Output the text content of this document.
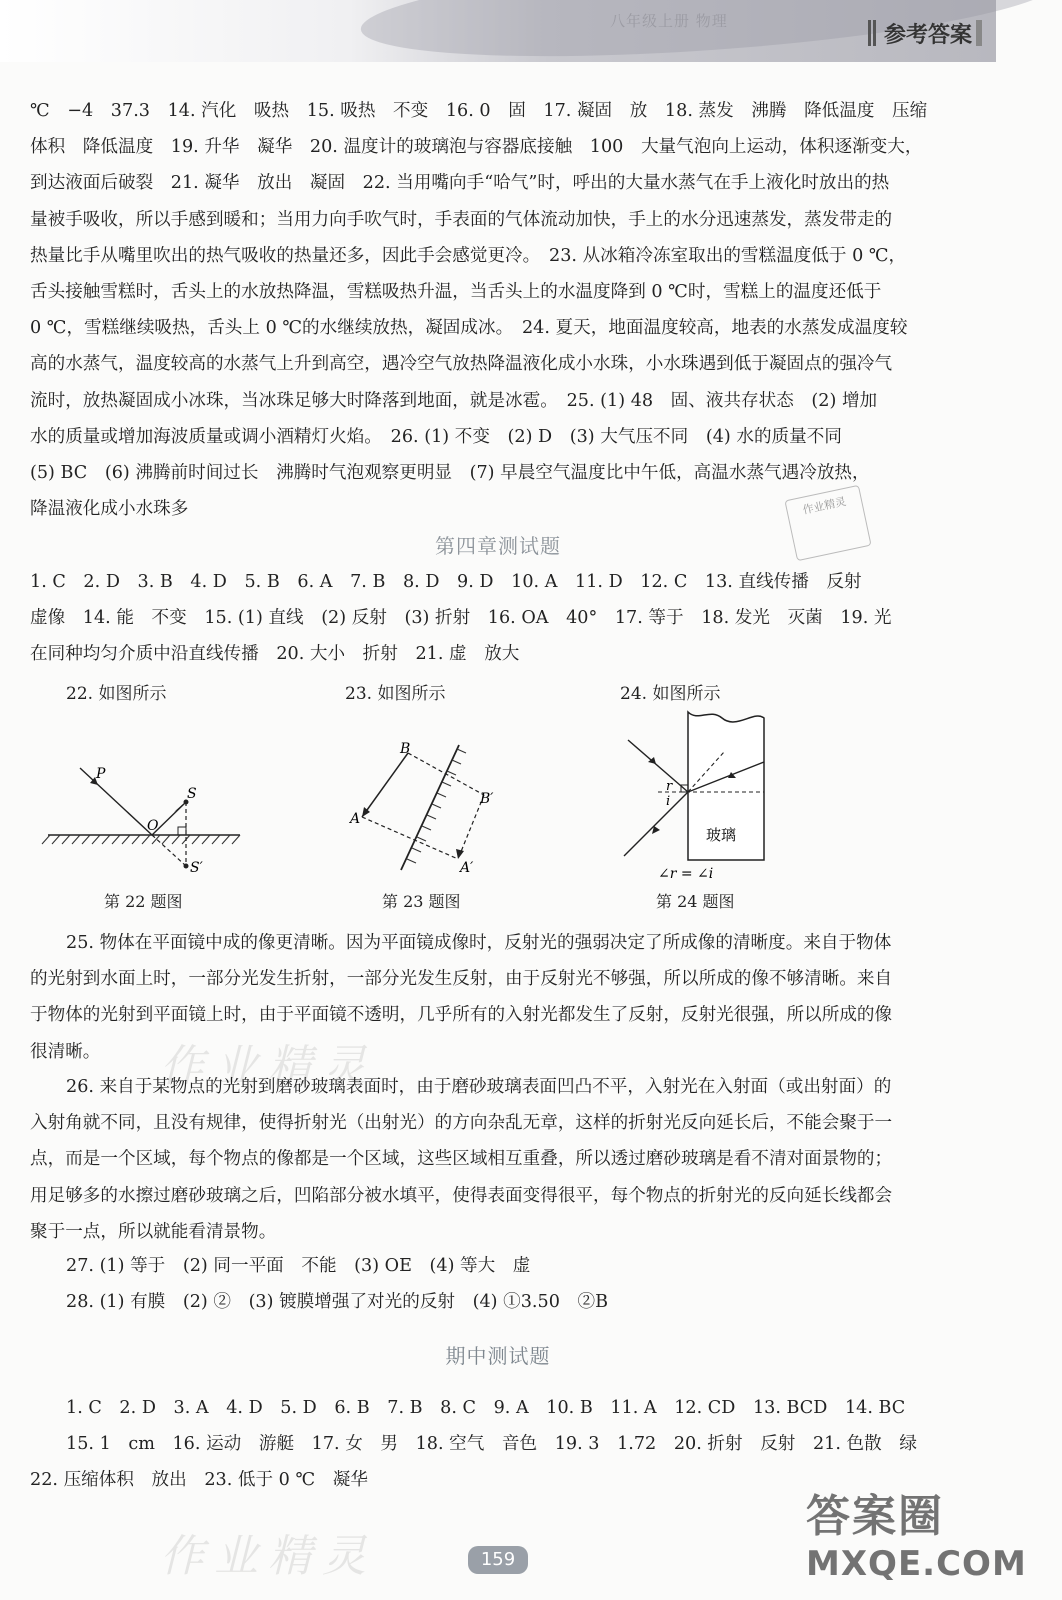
八年级上册 物理
参考答案
℃　−4　37.3　14. 汽化　吸热　15. 吸热　不变　16. 0　固　17. 凝固　放　18. 蒸发　沸腾　降低温度　压缩
体积　降低温度　19. 升华　凝华　20. 温度计的玻璃泡与容器底接触　100　大量气泡向上运动，体积逐渐变大，
到达液面后破裂　21. 凝华　放出　凝固　22. 当用嘴向手“哈气”时，呼出的大量水蒸气在手上液化时放出的热
量被手吸收，所以手感到暖和；当用力向手吹气时，手表面的气体流动加快，手上的水分迅速蒸发，蒸发带走的
热量比手从嘴里吹出的热气吸收的热量还多，因此手会感觉更冷。　23. 从冰箱冷冻室取出的雪糕温度低于 0 ℃，
舌头接触雪糕时，舌头上的水放热降温，雪糕吸热升温，当舌头上的水温度降到 0 ℃时，雪糕上的温度还低于
0 ℃，雪糕继续吸热，舌头上 0 ℃的水继续放热，凝固成冰。　24. 夏天，地面温度较高，地表的水蒸发成温度较
高的水蒸气，温度较高的水蒸气上升到高空，遇冷空气放热降温液化成小水珠，小水珠遇到低于凝固点的强冷气
流时，放热凝固成小冰珠，当冰珠足够大时降落到地面，就是冰雹。　25. (1) 48　固、液共存状态　(2) 增加
水的质量或增加海波质量或调小酒精灯火焰。　26. (1) 不变　(2) D　(3) 大气压不同　(4) 水的质量不同
(5) BC　(6) 沸腾前时间过长　沸腾时气泡观察更明显　(7) 早晨空气温度比中午低，高温水蒸气遇冷放热，
降温液化成小水珠多	作业精灵
第四章测试题
1. C　2. D　3. B　4. D　5. B　6. A　7. B　8. D　9. D　10. A　11. D　12. C　13. 直线传播　反射
虚像　14. 能　不变　15. (1) 直线　(2) 反射　(3) 折射　16. OA　40°　17. 等于　18. 发光　灭菌　19. 光
在同种均匀介质中沿直线传播　20. 大小　折射　21. 虚　放大
22. 如图所示	23. 如图所示	24. 如图所示
P
S
O
S′
第 22 题图
B
A
B′
A′
第 23 题图
r
i
玻璃
∠r = ∠i
第 24 题图
25. 物体在平面镜中成的像更清晰。因为平面镜成像时，反射光的强弱决定了所成像的清晰度。来自于物体
的光射到水面上时，一部分光发生折射，一部分光发生反射，由于反射光不够强，所以所成的像不够清晰。来自
于物体的光射到平面镜上时，由于平面镜不透明，几乎所有的入射光都发生了反射，反射光很强，所以所成的像
很清晰。	作业精灵
26. 来自于某物点的光射到磨砂玻璃表面时，由于磨砂玻璃表面凹凸不平，入射光在入射面（或出射面）的
入射角就不同，且没有规律，使得折射光（出射光）的方向杂乱无章，这样的折射光反向延长后，不能会聚于一
点，而是一个区域，每个物点的像都是一个区域，这些区域相互重叠，所以透过磨砂玻璃是看不清对面景物的；
用足够多的水擦过磨砂玻璃之后，凹陷部分被水填平，使得表面变得很平，每个物点的折射光的反向延长线都会
聚于一点，所以就能看清景物。
27. (1) 等于　(2) 同一平面　不能　(3) OE　(4) 等大　虚
28. (1) 有膜　(2) ②　(3) 镀膜增强了对光的反射　(4) ①3.50　②B
期中测试题
1. C　2. D　3. A　4. D　5. D　6. B　7. B　8. C　9. A　10. B　11. A　12. CD　13. BCD　14. BC
15. 1　cm　16. 运动　游艇　17. 女　男　18. 空气　音色　19. 3　1.72　20. 折射　反射　21. 色散　绿
22. 压缩体积　放出　23. 低于 0 ℃　凝华
作业精灵
答案圈
MXQE.COM
159
